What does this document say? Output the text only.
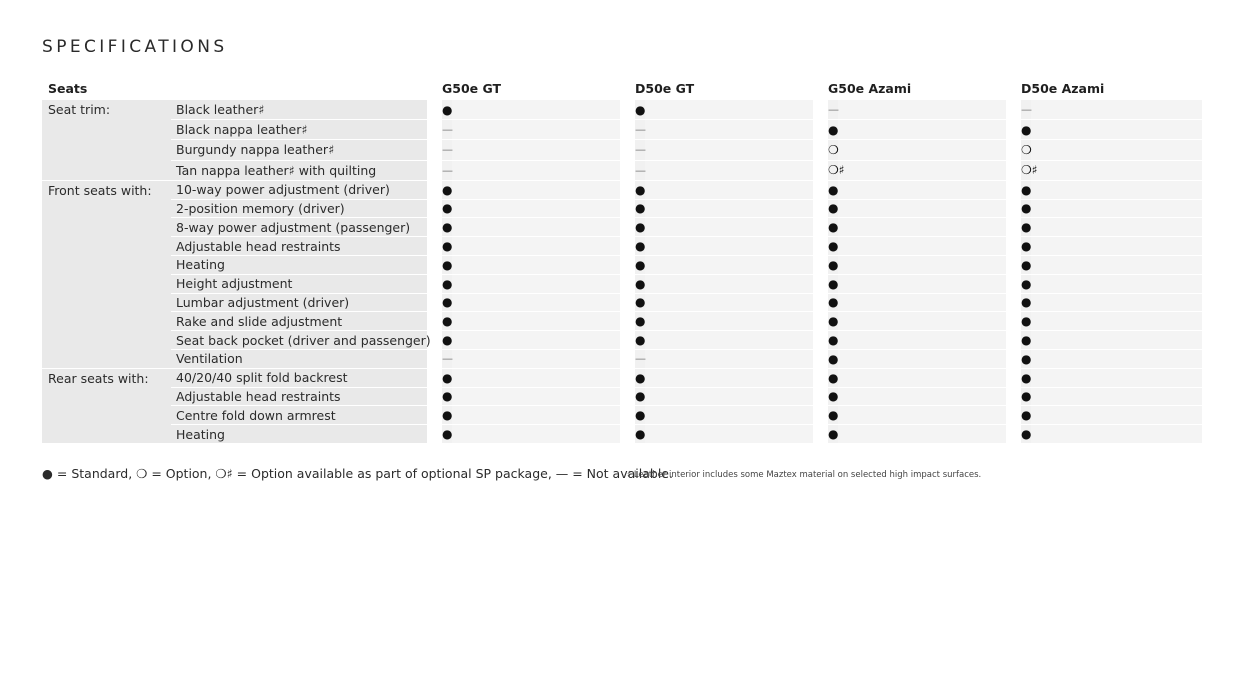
SPECIFICATIONS
Seats			G50e GT		D50e GT		G50e Azami		D50e Azami
Seat trim:	Black leather♯		●		●		—		—
	Black nappa leather♯		—		—		●		●
	Burgundy nappa leather♯		—		—		❍		❍
	Tan nappa leather♯ with quilting		—		—		❍♯		❍♯
Front seats with:	10-way power adjustment (driver)		●		●		●		●
	2-position memory (driver)		●		●		●		●
	8-way power adjustment (passenger)		●		●		●		●
	Adjustable head restraints		●		●		●		●
	Heating		●		●		●		●
	Height adjustment		●		●		●		●
	Lumbar adjustment (driver)		●		●		●		●
	Rake and slide adjustment		●		●		●		●
	Seat back pocket (driver and passenger)		●		●		●		●
	Ventilation		—		—		●		●
Rear seats with:	40/20/40 split fold backrest		●		●		●		●
	Adjustable head restraints		●		●		●		●
	Centre fold down armrest		●		●		●		●
	Heating		●		●		●		●
● = Standard, ❍ = Option, ❍♯ = Option available as part of optional SP package, — = Not available.
♯ Leather interior includes some Maztex material on selected high impact surfaces.
